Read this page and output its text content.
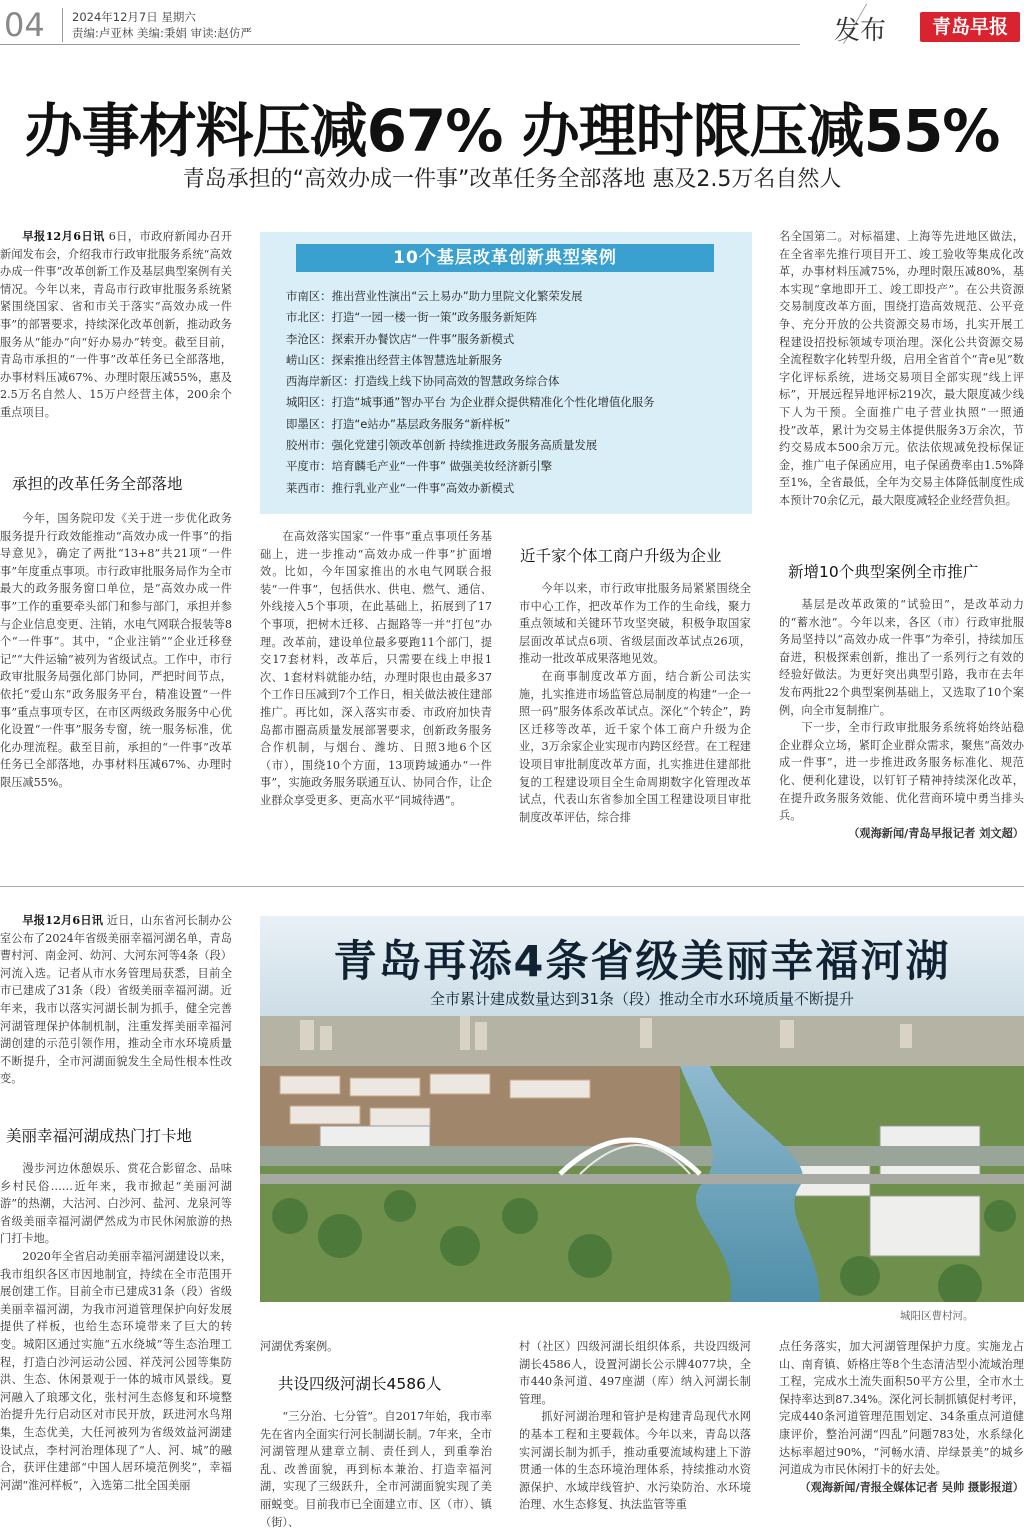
04 2024年12月7日 星期六
责编:卢亚林 美编:秉娟 审读:赵仿严	发布	青岛早报
办事材料压减67% 办理时限压减55%
青岛承担的“高效办成一件事”改革任务全部落地 惠及2.5万名自然人

早报12月6日讯 6日，市政府新闻办召开新闻发布会，介绍我市行政审批服务系统“高效办成一件事”改革创新工作及基层典型案例有关情况。今年以来，青岛市行政审批服务系统紧紧围绕国家、省和市关于落实“高效办成一件事”的部署要求，持续深化改革创新，推动政务服务从“能办”向“好办易办”转变。截至目前，青岛市承担的“一件事”改革任务已全部落地，办事材料压减67%、办理时限压减55%，惠及2.5万名自然人、15万户经营主体，200余个重点项目。

承担的改革任务全部落地

今年，国务院印发《关于进一步优化政务服务提升行政效能推动“高效办成一件事”的指导意见》，确定了两批“13+8”共21项“一件事”年度重点事项。市行政审批服务局作为全市最大的政务服务窗口单位，是“高效办成一件事”工作的重要牵头部门和参与部门，承担并参与企业信息变更、注销，水电气网联合报装等8个“一件事”。其中，“企业注销”“企业迁移登记”“大件运输”被列为省级试点。工作中，市行政审批服务局强化部门协同，严把时间节点，依托“爱山东”政务服务平台，精准设置“一件事”重点事项专区，在市区两级政务服务中心优化设置“一件事”服务专窗，统一服务标准，优化办理流程。截至目前，承担的“一件事”改革任务已全部落地，办事材料压减67%、办理时限压减55%。

10个基层改革创新典型案例
市南区：推出营业性演出“云上易办”助力里院文化繁荣发展
市北区：打造“一园一楼一街一策”政务服务新矩阵
李沧区：探索开办餐饮店“一件事”服务新模式
崂山区：探索推出经营主体智慧选址新服务
西海岸新区：打造线上线下协同高效的智慧政务综合体
城阳区：打造“城事通”智办平台 为企业群众提供精准化个性化增值化服务
即墨区：打造“e站办”基层政务服务“新样板”
胶州市：强化党建引领改革创新 持续推进政务服务高质量发展
平度市：培育麟毛产业“一件事” 做强美妆经济新引擎
莱西市：推行乳业产业“一件事”高效办新模式

在高效落实国家“一件事”重点事项任务基础上，进一步推动“高效办成一件事”扩面增效。比如，今年国家推出的水电气网联合报装“一件事”，包括供水、供电、燃气、通信、外线接入5个事项，在此基础上，拓展到了17个事项，把树木迁移、占掘路等一并“打包”办理。改革前，建设单位最多要跑11个部门，提交17套材料，改革后，只需要在线上申报1次、1套材料就能办结，办理时限也由最多37个工作日压减到7个工作日，相关做法被住建部推广。再比如，深入落实市委、市政府加快青岛都市圈高质量发展部署要求，创新政务服务合作机制，与烟台、潍坊、日照3地6个区（市），围绕10个方面，13项跨域通办“一件事”，实施政务服务联通互认、协同合作，让企业群众享受更多、更高水平“同城待遇”。

近千家个体工商户升级为企业

今年以来，市行政审批服务局紧紧围绕全市中心工作，把改革作为工作的生命线，聚力重点领域和关键环节攻坚突破，积极争取国家层面改革试点6项、省级层面改革试点26项，推动一批改革成果落地见效。

在商事制度改革方面，结合新公司法实施，扎实推进市场监管总局制度的构建“一企一照一码”服务体系改革试点。深化“个转企”，跨区迁移等改革，近千家个体工商户升级为企业，3万余家企业实现市内跨区经营。在工程建设项目审批制度改革方面，扎实推进住建部批复的工程建设项目全生命周期数字化管理改革试点，代表山东省参加全国工程建设项目审批制度改革评估，综合排

名全国第二。对标福建、上海等先进地区做法，在全省率先推行项目开工、竣工验收等集成化改革，办事材料压减75%，办理时限压减80%，基本实现“拿地即开工、竣工即投产”。在公共资源交易制度改革方面，围绕打造高效规范、公平竞争、充分开放的公共资源交易市场，扎实开展工程建设招投标领域专项治理。深化公共资源交易全流程数字化转型升级，启用全省首个“青e见”数字化评标系统，进场交易项目全部实现“线上评标”，开展远程异地评标219次，最大限度减少线下人为干预。全面推广电子营业执照“一照通投”改革，累计为交易主体提供服务3万余次，节约交易成本500余万元。依法依规减免投标保证金，推广电子保函应用，电子保函费率由1.5%降至1%，全省最低，全年为交易主体降低制度性成本预计70余亿元，最大限度减轻企业经营负担。

新增10个典型案例全市推广

基层是改革政策的“试验田”，是改革动力的“蓄水池”。今年以来，各区（市）行政审批服务局坚持以“高效办成一件事”为牵引，持续加压奋进，积极探索创新，推出了一系列行之有效的经验好做法。为更好突出典型引路，我市在去年发布两批22个典型案例基础上，又选取了10个案例，向全市复制推广。

下一步，全市行政审批服务系统将始终站稳企业群众立场，紧盯企业群众需求，聚焦“高效办成一件事”，进一步推进政务服务标准化、规范化、便利化建设，以钉钉子精神持续深化改革，在提升政务服务效能、优化营商环境中勇当排头兵。

（观海新闻/青岛早报记者 刘文超）

早报12月6日讯 近日，山东省河长制办公室公布了2024年省级美丽幸福河湖名单，青岛曹村河、南金河、幼河、大河东河等4条（段）河流入选。记者从市水务管理局获悉，目前全市已建成了31条（段）省级美丽幸福河湖。近年来，我市以落实河湖长制为抓手，健全完善河湖管理保护体制机制，注重发挥美丽幸福河湖创建的示范引领作用，推动全市水环境质量不断提升，全市河湖面貌发生全局性根本性改变。

美丽幸福河湖成热门打卡地

漫步河边休憩娱乐、赏花合影留念、品味乡村民俗……近年来，我市掀起“美丽河湖游”的热潮，大沽河、白沙河、盐河、龙泉河等省级美丽幸福河湖俨然成为市民休闲旅游的热门打卡地。

2020年全省启动美丽幸福河湖建设以来，我市组织各区市因地制宜，持续在全市范围开展创建工作。目前全市已建成31条（段）省级美丽幸福河湖，为我市河道管理保护向好发展提供了样板，也给生态环境带来了巨大的转变。城阳区通过实施“五水绕城”等生态治理工程，打造白沙河运动公园、祥茂河公园等集防洪、生态、休闲景观于一体的城市风景线。夏河融入了琅琊文化，张村河生态修复和环境整治提升先行启动区对市民开放，跃进河水鸟翔集，生态优美，大任河被列为省级效益河湖建设试点，李村河治理体现了“人、河、城”的融合，获评住建部“中国人居环境范例奖”，幸福河湖“淮河样板”，入选第二批全国美丽

青岛再添4条省级美丽幸福河湖
全市累计建成数量达到31条（段）推动全市水环境质量不断提升
城阳区曹村河。

河湖优秀案例。

共设四级河湖长4586人

“三分治、七分管”。自2017年始，我市率先在省内全面实行河长制湖长制。7年来，全市河湖管理从建章立制、责任到人，到重拳治乱、改善面貌，再到标本兼治、打造幸福河湖，实现了三级跃升，全市河湖面貌实现了美丽蜕变。目前我市已全面建立市、区（市）、镇（街）、

村（社区）四级河湖长组织体系，共设四级河湖长4586人，设置河湖长公示牌4077块，全市440条河道、497座湖（库）纳入河湖长制管理。

抓好河湖治理和管护是构建青岛现代水网的基本工程和主要载体。今年以来，青岛以落实河湖长制为抓手，推动重要流域构建上下游贯通一体的生态环境治理体系，持续推动水资源保护、水域岸线管护、水污染防治、水环境治理、水生态修复、执法监管等重

点任务落实，加大河湖管理保护力度。实施龙占山、南育镇、娇格庄等8个生态清洁型小流域治理工程，完成水土流失面积50平方公里，全市水土保持率达到87.34%。深化河长制抓镇促村考评，完成440条河道管理范围划定、34条重点河道健康评价，整治河湖“四乱”问题783处，水系绿化达标率超过90%，“河畅水清、岸绿景美”的城乡河道成为市民休闲打卡的好去处。

（观海新闻/青报全媒体记者 吴帅 摄影报道）
